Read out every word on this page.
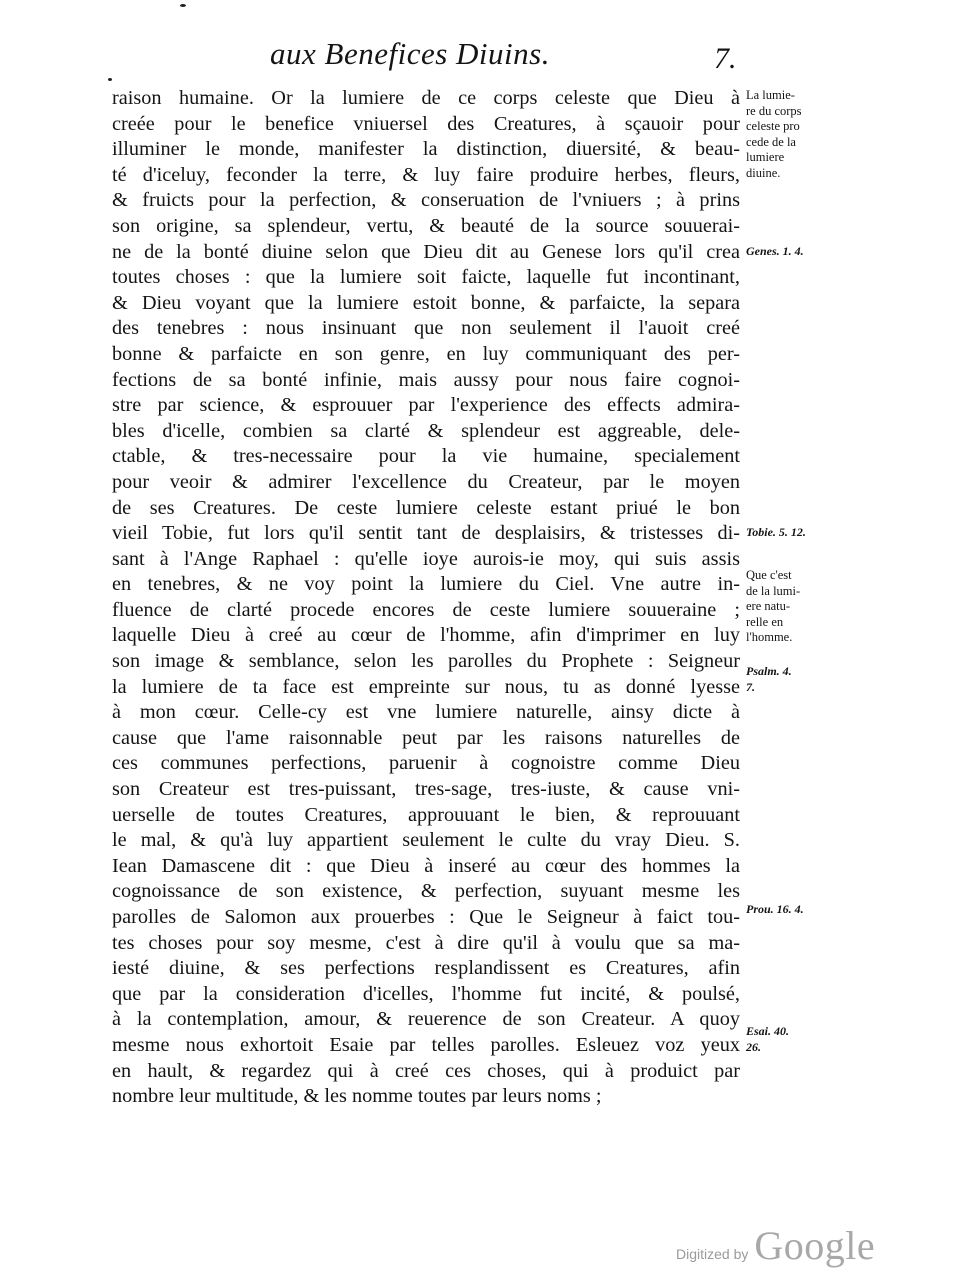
aux Benefices Diuins.	7.
raison humaine. Or la lumiere de ce corps celeste que Dieu à
creée pour le benefice vniuersel des Creatures, à sçauoir pour
illuminer le monde, manifester la distinction, diuersité, & beau-
té d'iceluy, feconder la terre, & luy faire produire herbes, fleurs,
& fruicts pour la perfection, & conseruation de l'vniuers ; à prins
son origine, sa splendeur, vertu, & beauté de la source souuerai-
ne de la bonté diuine selon que Dieu dit au Genese lors qu'il crea
toutes choses : que la lumiere soit faicte, laquelle fut incontinant,
& Dieu voyant que la lumiere estoit bonne, & parfaicte, la separa
des tenebres : nous insinuant que non seulement il l'auoit creé
bonne & parfaicte en son genre, en luy communiquant des per-
fections de sa bonté infinie, mais aussy pour nous faire cognoi-
stre par science, & esprouuer par l'experience des effects admira-
bles d'icelle, combien sa clarté & splendeur est aggreable, dele-
ctable, & tres-necessaire pour la vie humaine, specialement
pour veoir & admirer l'excellence du Createur, par le moyen
de ses Creatures. De ceste lumiere celeste estant priué le bon
vieil Tobie, fut lors qu'il sentit tant de desplaisirs, & tristesses di-
sant à l'Ange Raphael : qu'elle ioye aurois-ie moy, qui suis assis
en tenebres, & ne voy point la lumiere du Ciel. Vne autre in-
fluence de clarté procede encores de ceste lumiere souueraine ;
laquelle Dieu à creé au cœur de l'homme, afin d'imprimer en luy
son image & semblance, selon les parolles du Prophete : Seigneur
la lumiere de ta face est empreinte sur nous, tu as donné lyesse
à mon cœur. Celle-cy est vne lumiere naturelle, ainsy dicte à
cause que l'ame raisonnable peut par les raisons naturelles de
ces communes perfections, paruenir à cognoistre comme Dieu
son Createur est tres-puissant, tres-sage, tres-iuste, & cause vni-
uerselle de toutes Creatures, approuuant le bien, & reprouuant
le mal, & qu'à luy appartient seulement le culte du vray Dieu. S.
Iean Damascene dit : que Dieu à inseré au cœur des hommes la
cognoissance de son existence, & perfection, suyuant mesme les
parolles de Salomon aux prouerbes : Que le Seigneur à faict tou-
tes choses pour soy mesme, c'est à dire qu'il à voulu que sa ma-
iesté diuine, & ses perfections resplandissent es Creatures, afin
que par la consideration d'icelles, l'homme fut incité, & poulsé,
à la contemplation, amour, & reuerence de son Createur. A quoy
mesme nous exhortoit Esaie par telles parolles. Esleuez voz yeux
en hault, & regardez qui à creé ces choses, qui à produict par
nombre leur multitude, & les nomme toutes par leurs noms ;
La lumie-
re du corps
celeste pro
cede de la
lumiere
diuine.
Genes. 1. 4.
Tobie. 5. 12.
Que c'est
de la lumi-
ere natu-
relle en
l'homme.
Psalm. 4.
7.
Prou. 16. 4.
Esai. 40.
26.
Digitized by Google
